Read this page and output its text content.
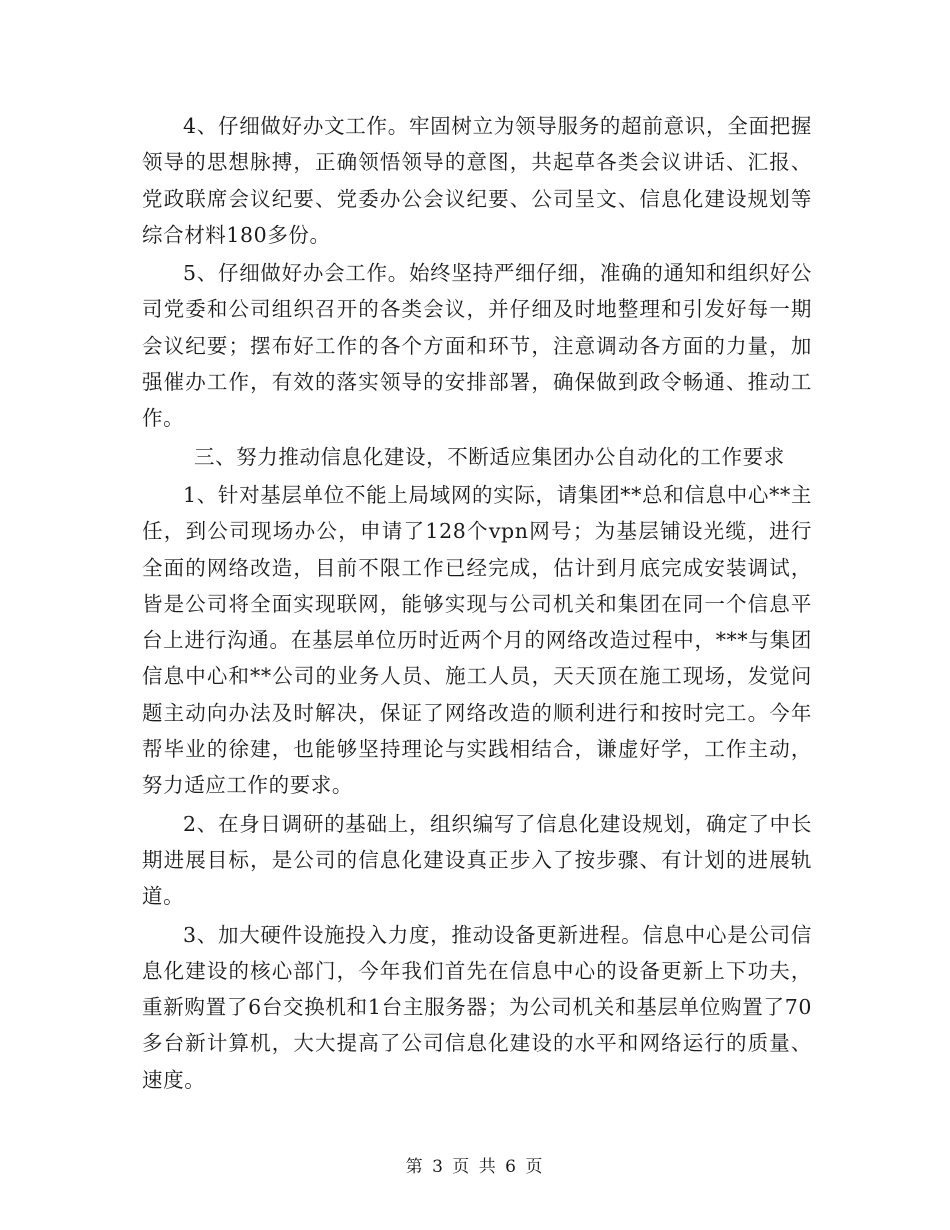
4、仔细做好办文工作。牢固树立为领导服务的超前意识，全面把握领导的思想脉搏，正确领悟领导的意图，共起草各类会议讲话、汇报、党政联席会议纪要、党委办公会议纪要、公司呈文、信息化建设规划等综合材料180多份。

5、仔细做好办会工作。始终坚持严细仔细，准确的通知和组织好公司党委和公司组织召开的各类会议，并仔细及时地整理和引发好每一期会议纪要；摆布好工作的各个方面和环节，注意调动各方面的力量，加强催办工作，有效的落实领导的安排部署，确保做到政令畅通、推动工作。

三、努力推动信息化建设，不断适应集团办公自动化的工作要求

1、针对基层单位不能上局域网的实际，请集团**总和信息中心**主任，到公司现场办公，申请了128个vpn网号；为基层铺设光缆，进行全面的网络改造，目前不限工作已经完成，估计到月底完成安装调试，皆是公司将全面实现联网，能够实现与公司机关和集团在同一个信息平台上进行沟通。在基层单位历时近两个月的网络改造过程中，***与集团信息中心和**公司的业务人员、施工人员，天天顶在施工现场，发觉问题主动向办法及时解决，保证了网络改造的顺利进行和按时完工。今年帮毕业的徐建，也能够坚持理论与实践相结合，谦虚好学，工作主动，努力适应工作的要求。

2、在身日调研的基础上，组织编写了信息化建设规划，确定了中长期进展目标，是公司的信息化建设真正步入了按步骤、有计划的进展轨道。

3、加大硬件设施投入力度，推动设备更新进程。信息中心是公司信息化建设的核心部门，今年我们首先在信息中心的设备更新上下功夫，重新购置了6台交换机和1台主服务器；为公司机关和基层单位购置了70多台新计算机，大大提高了公司信息化建设的水平和网络运行的质量、速度。

第 3 页 共 6 页
